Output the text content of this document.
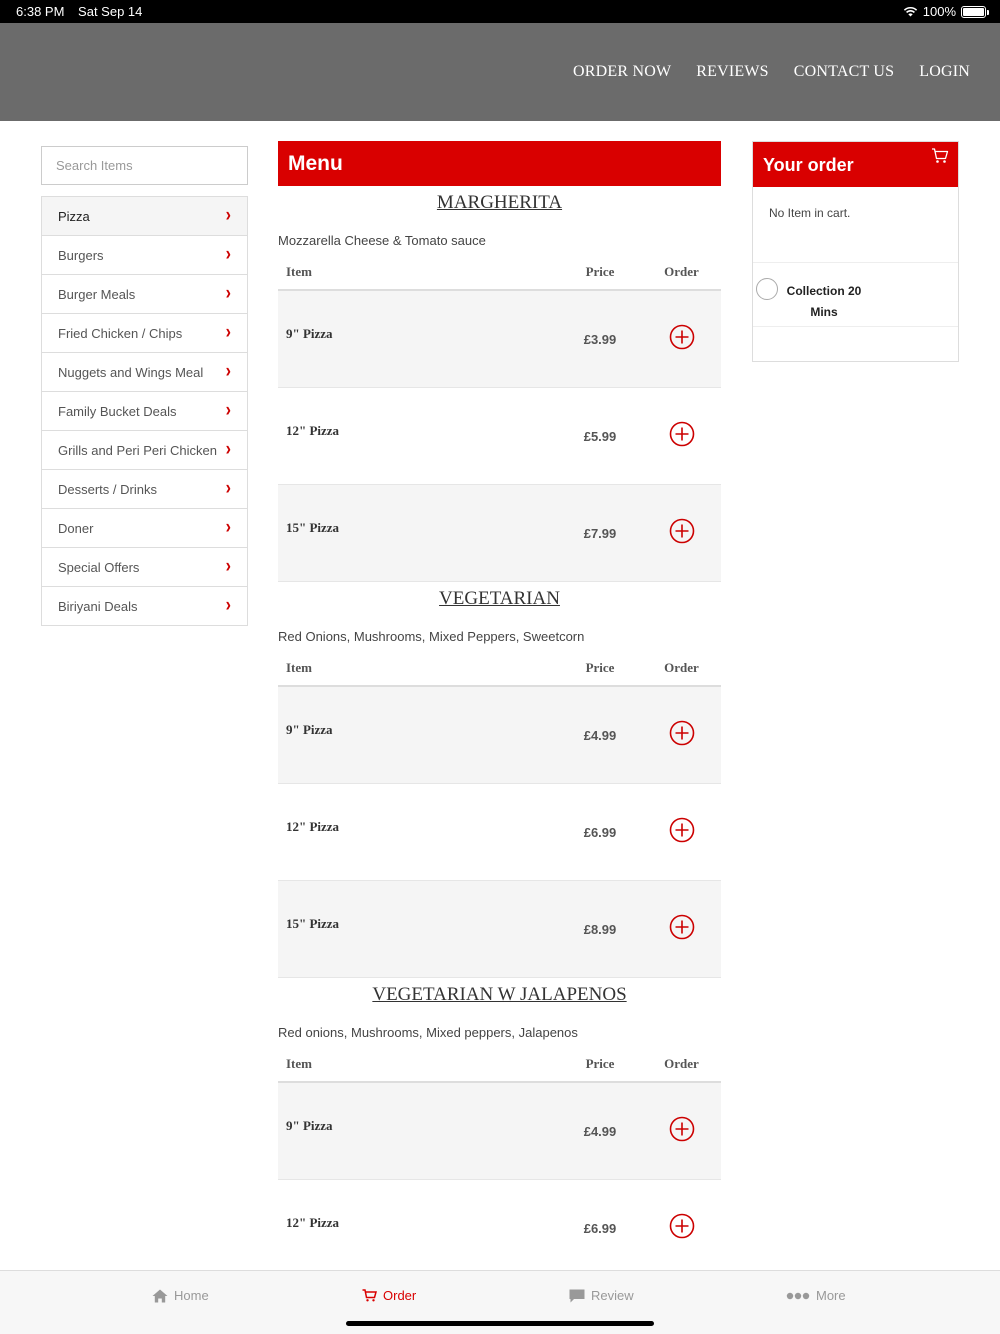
6:38 PM Sat Sep 14	100%
ORDER NOW REVIEWS CONTACT US LOGIN
Search Items
Pizza	›
Burgers	›
Burger Meals	›
Fried Chicken / Chips	›
Nuggets and Wings Meal ›
Family Bucket Deals	›
Grills and Peri Peri Chicken ›
Desserts / Drinks	›
Doner	›
Special Offers	›
Biriyani Deals	›
Menu
MARGHERITA
Mozzarella Cheese & Tomato sauce
Item	Price	Order
9" Pizza	£3.99
12" Pizza	£5.99
15" Pizza	£7.99
VEGETARIAN
Red Onions, Mushrooms, Mixed Peppers, Sweetcorn
Item	Price	Order
9" Pizza	£4.99
12" Pizza	£6.99
15" Pizza	£8.99
VEGETARIAN W JALAPENOS
Red onions, Mushrooms, Mixed peppers, Jalapenos
Item	Price	Order
9" Pizza	£4.99
12" Pizza	£6.99
Your order
No Item in cart.
Collection 20 Mins
Home	Order	Review	More
